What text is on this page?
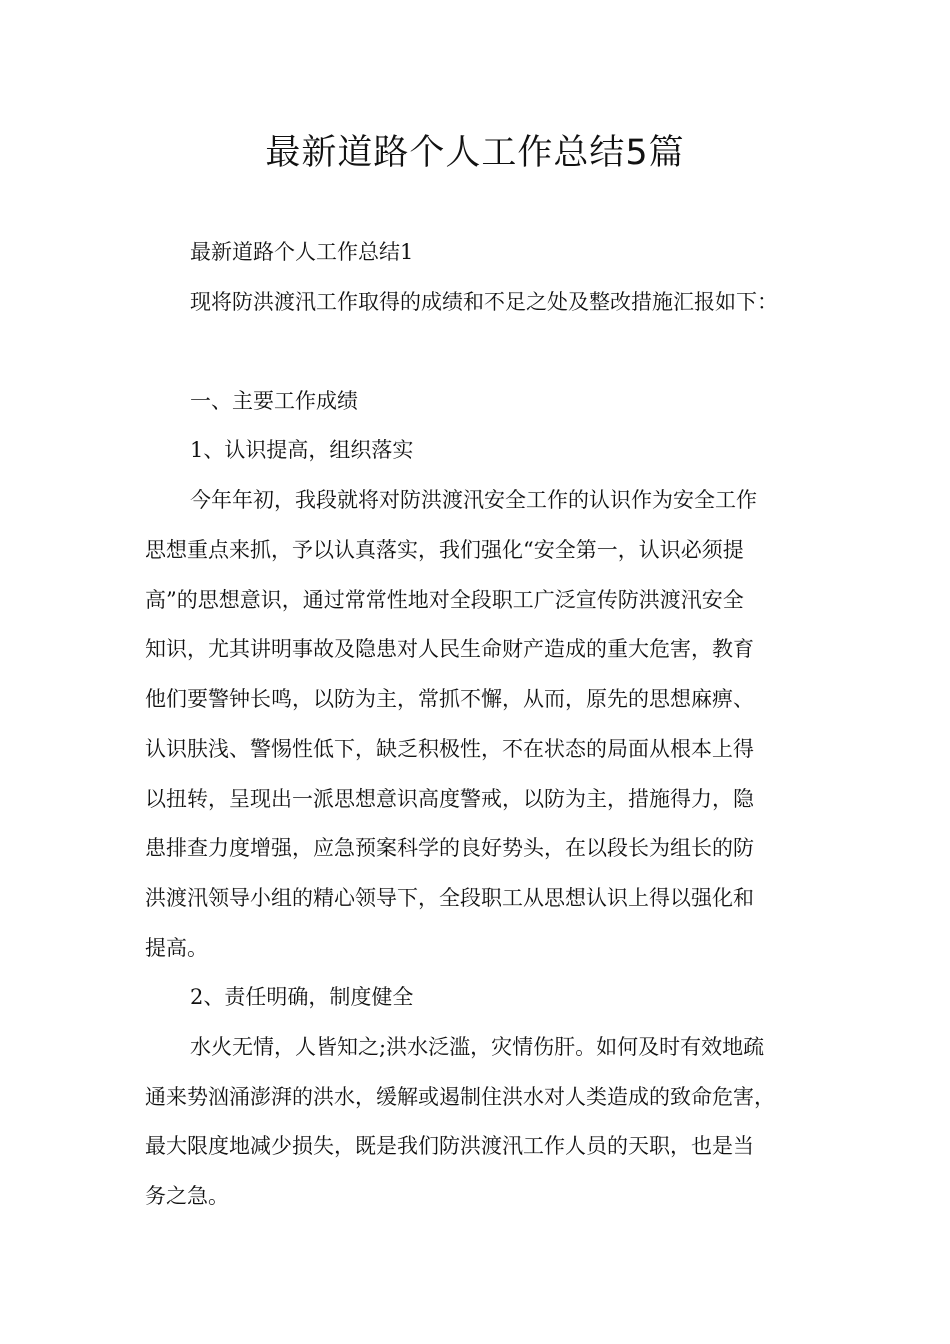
最新道路个人工作总结5篇

最新道路个人工作总结1

现将防洪渡汛工作取得的成绩和不足之处及整改措施汇报如下：

一、主要工作成绩

1、认识提高，组织落实

今年年初，我段就将对防洪渡汛安全工作的认识作为安全工作

思想重点来抓，予以认真落实，我们强化“安全第一，认识必须提

高”的思想意识，通过常常性地对全段职工广泛宣传防洪渡汛安全

知识，尤其讲明事故及隐患对人民生命财产造成的重大危害，教育

他们要警钟长鸣，以防为主，常抓不懈，从而，原先的思想麻痹、

认识肤浅、警惕性低下，缺乏积极性，不在状态的局面从根本上得

以扭转，呈现出一派思想意识高度警戒，以防为主，措施得力，隐

患排查力度增强，应急预案科学的良好势头，在以段长为组长的防

洪渡汛领导小组的精心领导下，全段职工从思想认识上得以强化和

提高。

2、责任明确，制度健全

水火无情，人皆知之;洪水泛滥，灾情伤肝。如何及时有效地疏

通来势汹涌澎湃的洪水，缓解或遏制住洪水对人类造成的致命危害，

最大限度地减少损失，既是我们防洪渡汛工作人员的天职，也是当

务之急。
